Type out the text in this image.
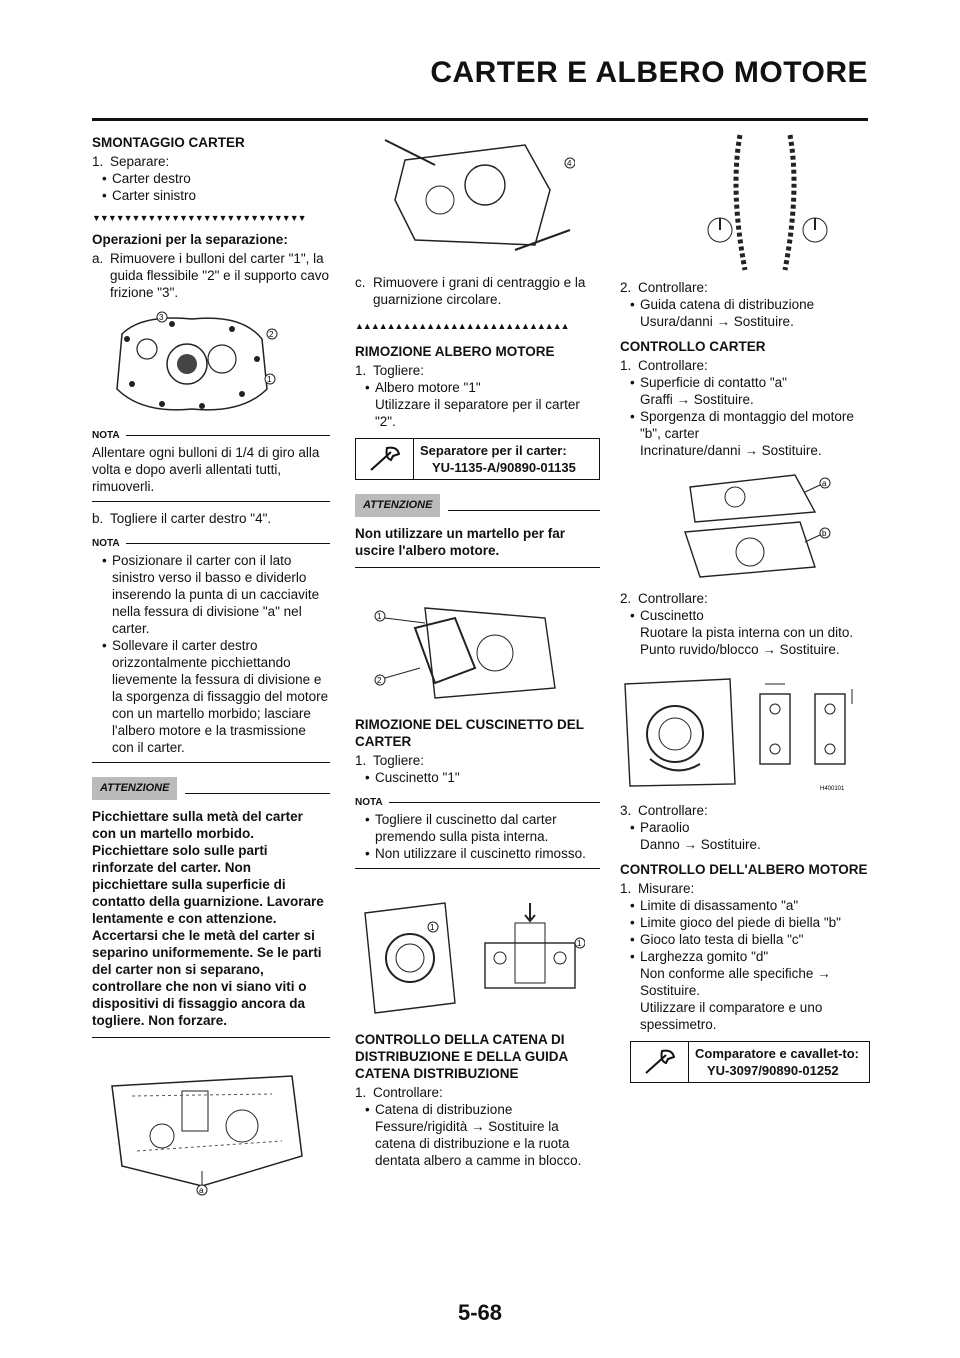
CARTER E ALBERO MOTORE
SMONTAGGIO CARTER
1. Separare:
• Carter destro
• Carter sinistro
▼▼▼▼▼▼▼▼▼▼▼▼▼▼▼▼▼▼▼▼▼▼▼▼▼▼▼
Operazioni per la separazione:
a. Rimuovere i bulloni del carter "1", la guida flessibile "2" e il supporto cavo frizione "3".
3
2
1
NOTA
Allentare ogni bulloni di 1/4 di giro alla volta e dopo averli allentati tutti, rimuoverli.
b. Togliere il carter destro "4".
NOTA
• Posizionare il carter con il lato sinistro verso il basso e dividerlo inserendo la punta di un cacciavite nella fessura di divisione "a" nel carter.
• Sollevare il carter destro orizzontalmente picchiettando lievemente la fessura di divisione e la sporgenza di fissaggio del motore con un martello morbido; lasciare l'albero motore e la trasmissione con il carter.
ATTENZIONE
Picchiettare sulla metà del carter con un martello morbido. Picchiettare solo sulle parti rinforzate del carter. Non picchiettare sulla superficie di contatto della guarnizione. Lavorare lentamente e con attenzione. Accertarsi che le metà del carter si separino uniformemente. Se le parti del carter non si separano, controllare che non vi siano viti o dispositivi di fissaggio ancora da togliere. Non forzare.
a
4
c. Rimuovere i grani di centraggio e la guarnizione circolare.
▲▲▲▲▲▲▲▲▲▲▲▲▲▲▲▲▲▲▲▲▲▲▲▲▲▲▲
RIMOZIONE ALBERO MOTORE
1. Togliere:
• Albero motore "1"
Utilizzare il separatore per il carter "2".
Separatore per il carter:
YU-1135-A/90890-01135
ATTENZIONE
Non utilizzare un martello per far uscire l'albero motore.
1
2
RIMOZIONE DEL CUSCINETTO DEL CARTER
1. Togliere:
• Cuscinetto "1"
NOTA
• Togliere il cuscinetto dal carter premendo sulla pista interna.
• Non utilizzare il cuscinetto rimosso.
1
1
CONTROLLO DELLA CATENA DI DISTRIBUZIONE E DELLA GUIDA CATENA DISTRIBUZIONE
1. Controllare:
• Catena di distribuzione
Fessure/rigidità → Sostituire la catena di distribuzione e la ruota dentata albero a camme in blocco.
2. Controllare:
• Guida catena di distribuzione
Usura/danni → Sostituire.
CONTROLLO CARTER
1. Controllare:
• Superficie di contatto "a"
Graffi → Sostituire.
• Sporgenza di montaggio del motore "b", carter
Incrinature/danni → Sostituire.
a
b
2. Controllare:
• Cuscinetto
Ruotare la pista interna con un dito.
Punto ruvido/blocco → Sostituire.
H400101
3. Controllare:
• Paraolio
Danno → Sostituire.
CONTROLLO DELL'ALBERO MOTORE
1. Misurare:
• Limite di disassamento "a"
• Limite gioco del piede di biella "b"
• Gioco lato testa di biella "c"
• Larghezza gomito "d"
Non conforme alle specifiche → Sostituire.
Utilizzare il comparatore e uno spessimetro.
Comparatore e cavallet-to:
YU-3097/90890-01252
5-68
